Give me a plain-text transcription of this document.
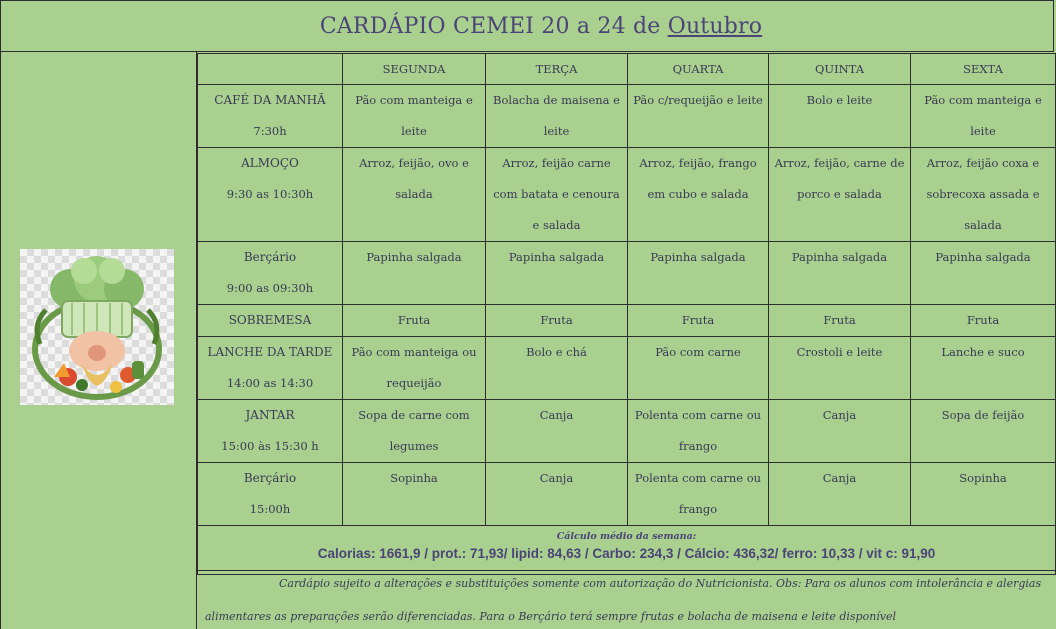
CARDÁPIO CEMEI 20 a 24 de Outubro
	SEGUNDA	TERÇA	QUARTA	QUINTA	SEXTA
CAFÉ DA MANHÃ
7:30h	Pão com manteiga e leite	Bolacha de maisena e leite	Pão c/requeijão e leite	Bolo e leite	Pão com manteiga e leite
ALMOÇO
9:30 as 10:30h	Arroz, feijão, ovo e salada	Arroz, feijão carne com batata e cenoura e salada	Arroz, feijão, frango em cubo e salada	Arroz, feijão, carne de porco e salada	Arroz, feijão coxa e sobrecoxa assada e salada
Berçário
9:00 as 09:30h	Papinha salgada	Papinha salgada	Papinha salgada	Papinha salgada	Papinha salgada
SOBREMESA	Fruta	Fruta	Fruta	Fruta	Fruta
LANCHE DA TARDE
14:00 as 14:30	Pão com manteiga ou requeijão	Bolo e chá	Pão com carne	Crostoli e leite	Lanche e suco
JANTAR
15:00 às 15:30 h	Sopa de carne com legumes	Canja	Polenta com carne ou frango	Canja	Sopa de feijão
Berçário
15:00h	Sopinha	Canja	Polenta com carne ou frango	Canja	Sopinha

Cálculo médio da semana:
Calorias: 1661,9 / prot.: 71,93/ lipid: 84,63 / Carbo: 234,3 / Cálcio: 436,32/ ferro: 10,33 / vit c: 91,90					
Cardápio sujeito a alterações e substituições somente com autorização do Nutricionista. Obs: Para os alunos com intolerância e alergias
alimentares as preparações serão diferenciadas. Para o Berçário terá sempre frutas e bolacha de maisena e leite disponível
